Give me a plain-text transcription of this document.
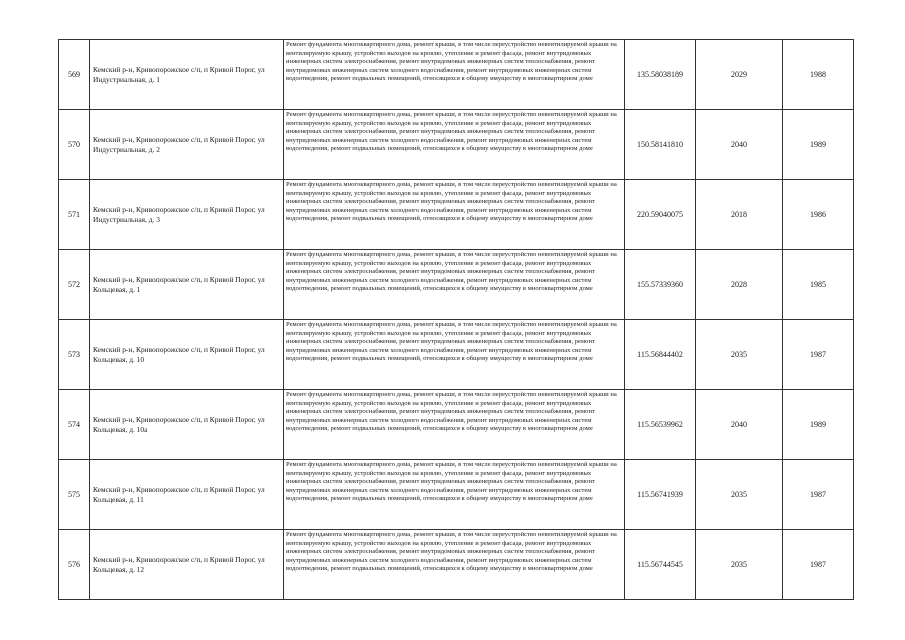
569	Кемский р-н, Кривопорожское с/п, п Кривой Порог, ул Индустриальная, д. 1	Ремонт фундамента многоквартирного дома, ремонт крыши, в том числе переустройство невентилируемой крыши на вентилируемую крышу, устройство выходов на кровлю, утепление и ремонт фасада, ремонт внутридомовых инженерных систем электроснабжения, ремонт внутридомовых инженерных систем теплоснабжения, ремонт внутридомовых инженерных систем холодного водоснабжения, ремонт внутридомовых инженерных систем водоотведения, ремонт подвальных помещений, относящихся к общему имуществу в многоквартирном доме	135.58038189	2029	1988
570	Кемский р-н, Кривопорожское с/п, п Кривой Порог, ул Индустриальная, д. 2	Ремонт фундамента многоквартирного дома, ремонт крыши, в том числе переустройство невентилируемой крыши на вентилируемую крышу, устройство выходов на кровлю, утепление и ремонт фасада, ремонт внутридомовых инженерных систем электроснабжения, ремонт внутридомовых инженерных систем теплоснабжения, ремонт внутридомовых инженерных систем холодного водоснабжения, ремонт внутридомовых инженерных систем водоотведения, ремонт подвальных помещений, относящихся к общему имуществу в многоквартирном доме	150.58141810	2040	1989
571	Кемский р-н, Кривопорожское с/п, п Кривой Порог, ул Индустриальная, д. 3	Ремонт фундамента многоквартирного дома, ремонт крыши, в том числе переустройство невентилируемой крыши на вентилируемую крышу, устройство выходов на кровлю, утепление и ремонт фасада, ремонт внутридомовых инженерных систем электроснабжения, ремонт внутридомовых инженерных систем теплоснабжения, ремонт внутридомовых инженерных систем холодного водоснабжения, ремонт внутридомовых инженерных систем водоотведения, ремонт подвальных помещений, относящихся к общему имуществу в многоквартирном доме	220.59040075	2018	1986
572	Кемский р-н, Кривопорожское с/п, п Кривой Порог, ул Кольцевая, д. 1	Ремонт фундамента многоквартирного дома, ремонт крыши, в том числе переустройство невентилируемой крыши на вентилируемую крышу, устройство выходов на кровлю, утепление и ремонт фасада, ремонт внутридомовых инженерных систем электроснабжения, ремонт внутридомовых инженерных систем теплоснабжения, ремонт внутридомовых инженерных систем холодного водоснабжения, ремонт внутридомовых инженерных систем водоотведения, ремонт подвальных помещений, относящихся к общему имуществу в многоквартирном доме	155.57339360	2028	1985
573	Кемский р-н, Кривопорожское с/п, п Кривой Порог, ул Кольцевая, д. 10	Ремонт фундамента многоквартирного дома, ремонт крыши, в том числе переустройство невентилируемой крыши на вентилируемую крышу, устройство выходов на кровлю, утепление и ремонт фасада, ремонт внутридомовых инженерных систем электроснабжения, ремонт внутридомовых инженерных систем теплоснабжения, ремонт внутридомовых инженерных систем холодного водоснабжения, ремонт внутридомовых инженерных систем водоотведения, ремонт подвальных помещений, относящихся к общему имуществу в многоквартирном доме	115.56844402	2035	1987
574	Кемский р-н, Кривопорожское с/п, п Кривой Порог, ул Кольцевая, д. 10а	Ремонт фундамента многоквартирного дома, ремонт крыши, в том числе переустройство невентилируемой крыши на вентилируемую крышу, устройство выходов на кровлю, утепление и ремонт фасада, ремонт внутридомовых инженерных систем электроснабжения, ремонт внутридомовых инженерных систем теплоснабжения, ремонт внутридомовых инженерных систем холодного водоснабжения, ремонт внутридомовых инженерных систем водоотведения, ремонт подвальных помещений, относящихся к общему имуществу в многоквартирном доме	115.56539962	2040	1989
575	Кемский р-н, Кривопорожское с/п, п Кривой Порог, ул Кольцевая, д. 11	Ремонт фундамента многоквартирного дома, ремонт крыши, в том числе переустройство невентилируемой крыши на вентилируемую крышу, устройство выходов на кровлю, утепление и ремонт фасада, ремонт внутридомовых инженерных систем электроснабжения, ремонт внутридомовых инженерных систем теплоснабжения, ремонт внутридомовых инженерных систем холодного водоснабжения, ремонт внутридомовых инженерных систем водоотведения, ремонт подвальных помещений, относящихся к общему имуществу в многоквартирном доме	115.56741939	2035	1987
576	Кемский р-н, Кривопорожское с/п, п Кривой Порог, ул Кольцевая, д. 12	Ремонт фундамента многоквартирного дома, ремонт крыши, в том числе переустройство невентилируемой крыши на вентилируемую крышу, устройство выходов на кровлю, утепление и ремонт фасада, ремонт внутридомовых инженерных систем электроснабжения, ремонт внутридомовых инженерных систем теплоснабжения, ремонт внутридомовых инженерных систем холодного водоснабжения, ремонт внутридомовых инженерных систем водоотведения, ремонт подвальных помещений, относящихся к общему имуществу в многоквартирном доме	115.56744545	2035	1987
